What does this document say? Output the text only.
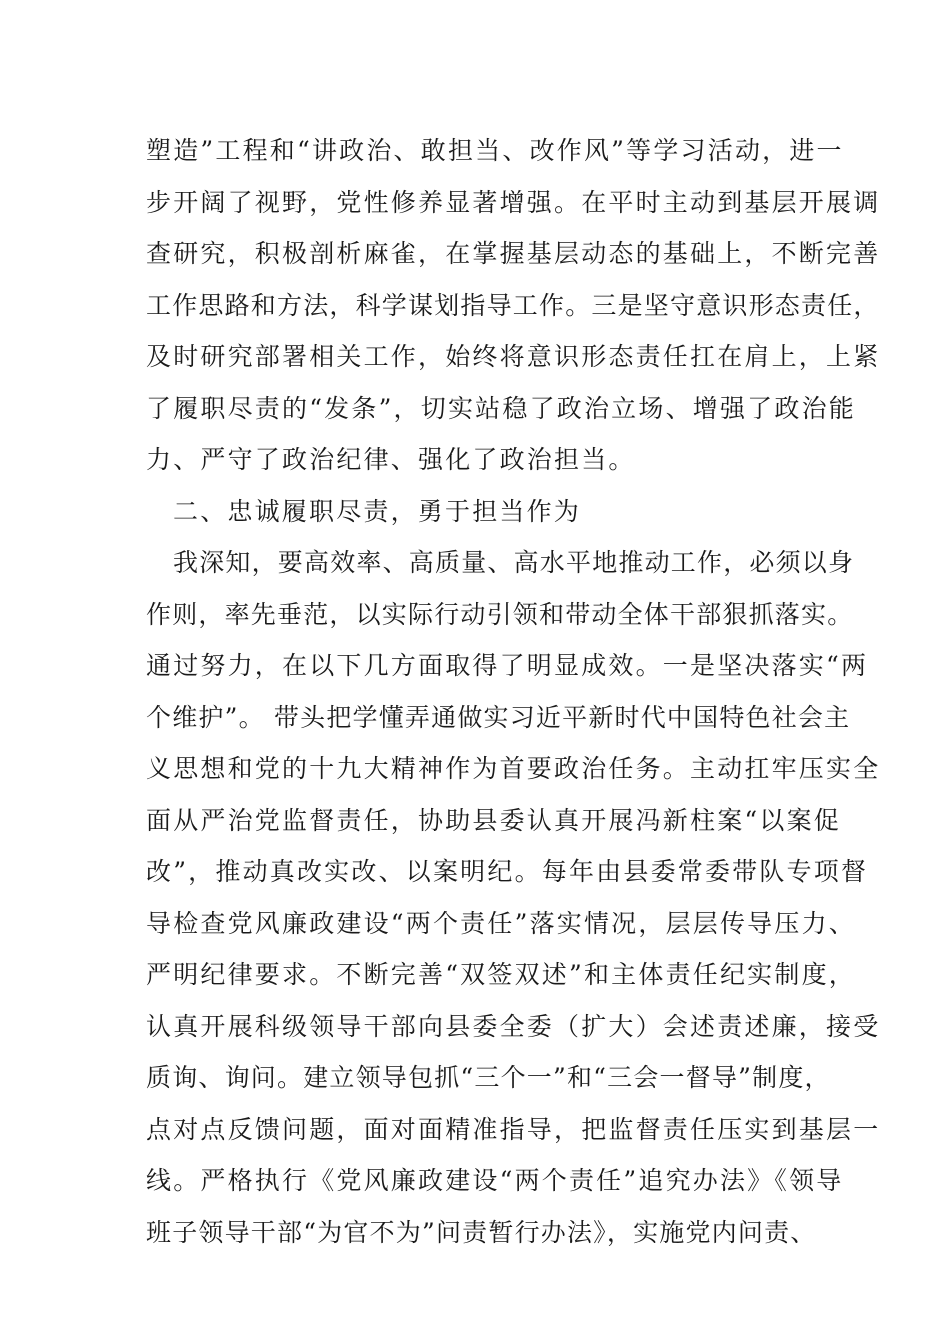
塑造”工程和“讲政治、敢担当、改作风”等学习活动，进一
步开阔了视野，党性修养显著增强。在平时主动到基层开展调
查研究，积极剖析麻雀，在掌握基层动态的基础上，不断完善
工作思路和方法，科学谋划指导工作。三是坚守意识形态责任，
及时研究部署相关工作，始终将意识形态责任扛在肩上，上紧
了履职尽责的“发条”，切实站稳了政治立场、增强了政治能
力、严守了政治纪律、强化了政治担当。
二、忠诚履职尽责，勇于担当作为
我深知，要高效率、高质量、高水平地推动工作，必须以身
作则，率先垂范，以实际行动引领和带动全体干部狠抓落实。
通过努力，在以下几方面取得了明显成效。一是坚决落实“两
个维护”。 带头把学懂弄通做实习近平新时代中国特色社会主
义思想和党的十九大精神作为首要政治任务。主动扛牢压实全
面从严治党监督责任，协助县委认真开展冯新柱案“以案促
改”，推动真改实改、以案明纪。每年由县委常委带队专项督
导检查党风廉政建设“两个责任”落实情况，层层传导压力、
严明纪律要求。不断完善“双签双述”和主体责任纪实制度，
认真开展科级领导干部向县委全委（扩大）会述责述廉，接受
质询、询问。建立领导包抓“三个一”和“三会一督导”制度，
点对点反馈问题，面对面精准指导，把监督责任压实到基层一
线。严格执行《党风廉政建设“两个责任”追究办法》《领导
班子领导干部“为官不为”问责暂行办法》，实施党内问责、
